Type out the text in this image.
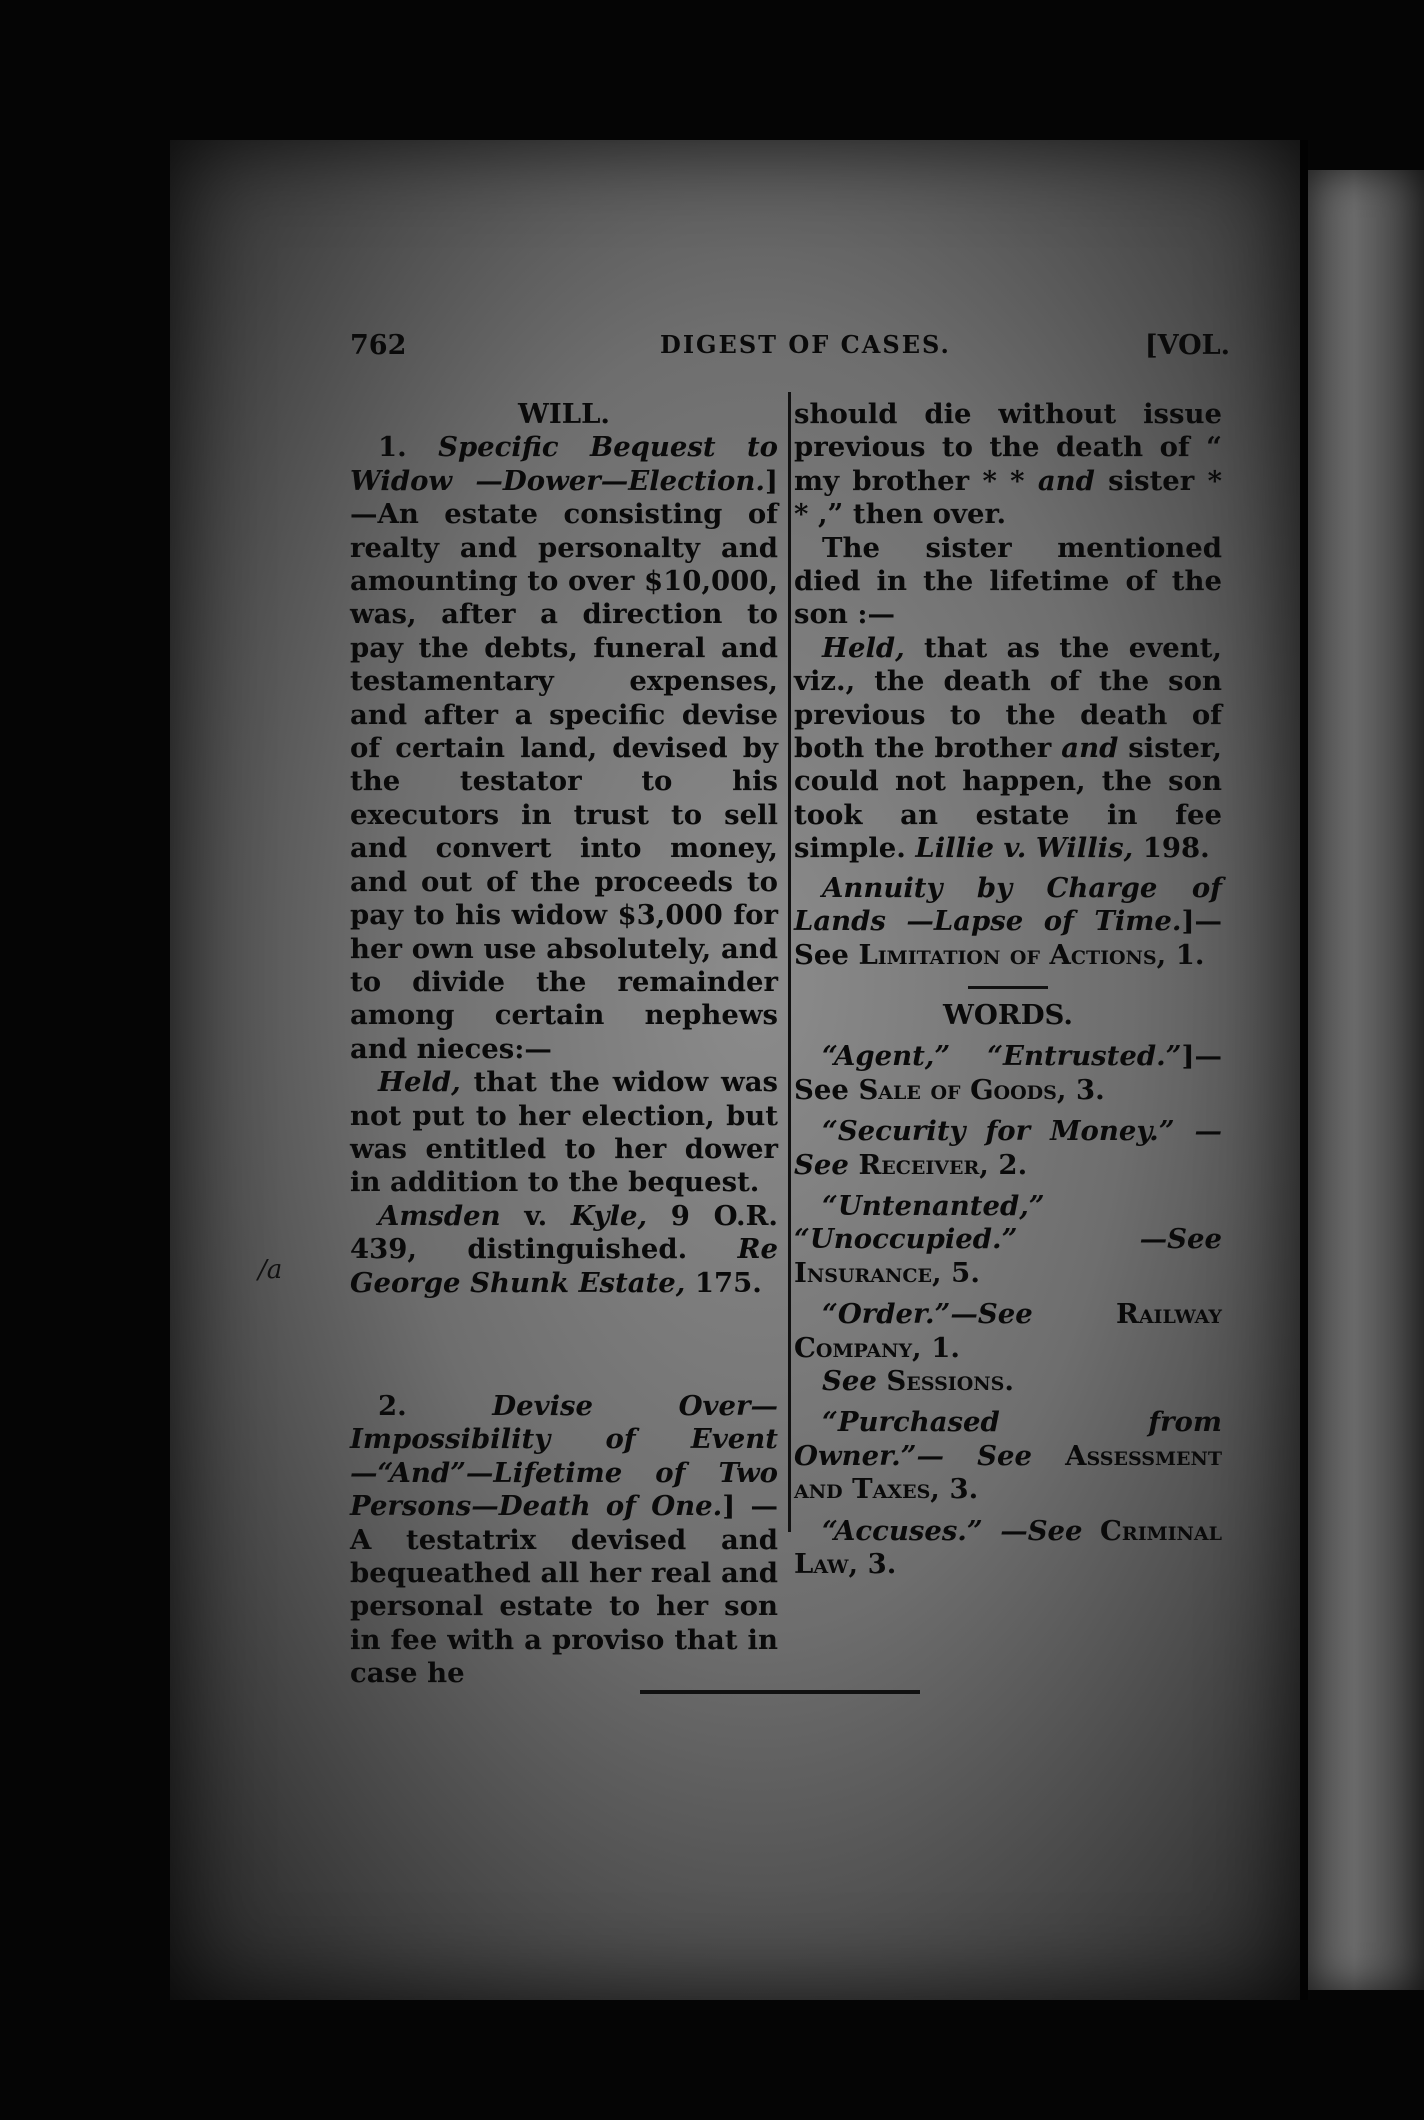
762	DIGEST OF CASES.	[VOL.
/a

WILL.

1. Specific Bequest to Widow —Dower—Election.]—An estate consisting of realty and personalty and amounting to over $10,000, was, after a direction to pay the debts, funeral and testamentary expenses, and after a specific devise of certain land, devised by the testator to his executors in trust to sell and convert into money, and out of the proceeds to pay to his widow $3,000 for her own use absolutely, and to divide the remainder among certain nephews and nieces:—

Held, that the widow was not put to her election, but was entitled to her dower in addition to the bequest.

Amsden v. Kyle, 9 O.R. 439, distinguished. Re George Shunk Estate, 175.

2.	Devise Over—Impossibility of Event—“And”—Lifetime of Two Persons—Death of One.] —A testatrix devised and bequeathed all her real and personal estate to her son in fee with a proviso that in case he

should die without issue previous to the death of “ my brother * * and sister * * ,” then over.

The sister mentioned died in the lifetime of the son :—

Held, that as the event, viz., the death of the son previous to the death of both the brother and sister, could not happen, the son took an estate in fee simple. Lillie v. Willis, 198.

Annuity by Charge of Lands —Lapse of Time.]—See Limitation of Actions, 1.

WORDS.

“Agent,” “Entrusted.”]— See Sale of Goods, 3.

“Security for Money.” —See Receiver, 2.

“Untenanted,” “Unoccupied.” —See Insurance, 5.

“Order.”—See Railway Company, 1.

See Sessions.

“Purchased from Owner.”— See Assessment and Taxes, 3.

“Accuses.” —See Criminal Law, 3.
